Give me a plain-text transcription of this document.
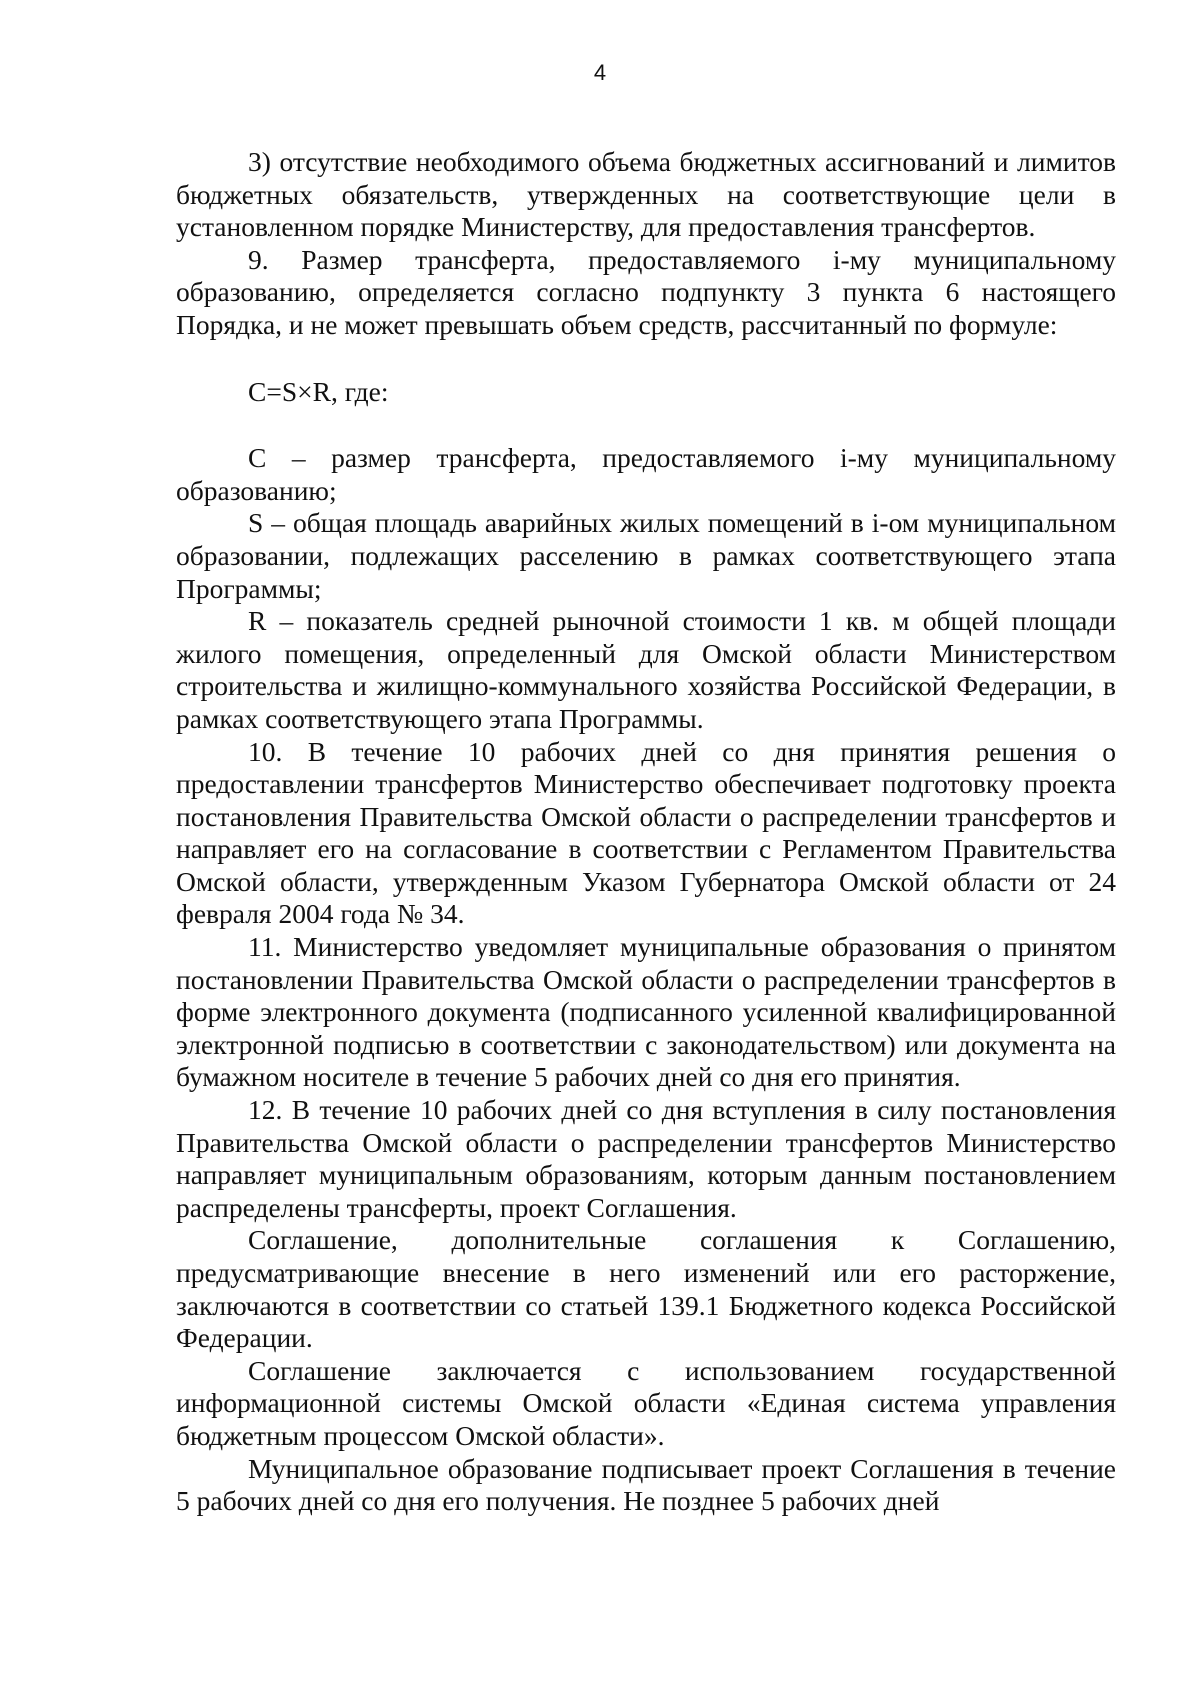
4

3) отсутствие необходимого объема бюджетных ассигнований и лимитов бюджетных обязательств, утвержденных на соответствующие цели в установленном порядке Министерству, для предоставления трансфертов.

9. Размер трансферта, предоставляемого i-му муниципальному образованию, определяется согласно подпункту 3 пункта 6 настоящего Порядка, и не может превышать объем средств, рассчитанный по формуле:

C=S×R, где:

C – размер трансферта, предоставляемого i-му муниципальному образованию;

S – общая площадь аварийных жилых помещений в i-ом муниципальном образовании, подлежащих расселению в рамках соответствующего этапа Программы;

R – показатель средней рыночной стоимости 1 кв. м общей площади жилого помещения, определенный для Омской области Министерством строительства и жилищно-коммунального хозяйства Российской Федерации, в рамках соответствующего этапа Программы.

10. В течение 10 рабочих дней со дня принятия решения о предоставлении трансфертов Министерство обеспечивает подготовку проекта постановления Правительства Омской области о распределении трансфертов и направляет его на согласование в соответствии с Регламентом Правительства Омской области, утвержденным Указом Губернатора Омской области от 24 февраля 2004 года № 34.

11. Министерство уведомляет муниципальные образования о принятом постановлении Правительства Омской области о распределении трансфертов в форме электронного документа (подписанного усиленной квалифицированной электронной подписью в соответствии с законодательством) или документа на бумажном носителе в течение 5 рабочих дней со дня его принятия.

12. В течение 10 рабочих дней со дня вступления в силу постановления Правительства Омской области о распределении трансфертов Министерство направляет муниципальным образованиям, которым данным постановлением распределены трансферты, проект Соглашения.

Соглашение, дополнительные соглашения к Соглашению, предусматривающие внесение в него изменений или его расторжение, заключаются в соответствии со статьей 139.1 Бюджетного кодекса Российской Федерации.

Соглашение заключается с использованием государственной информационной системы Омской области «Единая система управления бюджетным процессом Омской области».

Муниципальное образование подписывает проект Соглашения в течение 5 рабочих дней со дня его получения. Не позднее 5 рабочих дней
